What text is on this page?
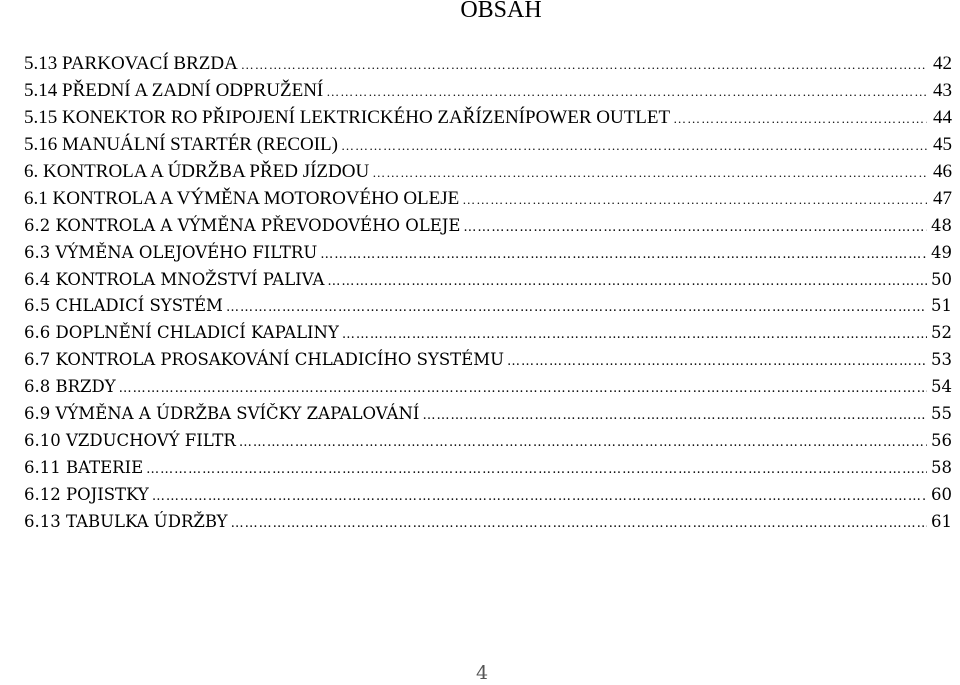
OBSAH
5.13 PARKOVACÍ BRZDA ……………………………………………………………………………………………………………………………………………………………………………………………………………………	42
5.14 PŘEDNÍ A ZADNÍ ODPRUŽENÍ ……………………………………………………………………………………………………………………………………………………………………………………………………………………	43
5.15 KONEKTOR RO PŘIPOJENÍ LEKTRICKÉHO ZAŘÍZENÍPOWER OUTLET ……………………………………………………………………………………………………………………………………………………………………………………………………………………	44
5.16 MANUÁLNÍ STARTÉR (RECOIL) ……………………………………………………………………………………………………………………………………………………………………………………………………………………	45
6. KONTROLA A ÚDRŽBA PŘED JÍZDOU ……………………………………………………………………………………………………………………………………………………………………………………………………………………	46
6.1 KONTROLA A VÝMĚNA MOTOROVÉHO OLEJE ……………………………………………………………………………………………………………………………………………………………………………………………………………………	47
6.2 KONTROLA A VÝMĚNA PŘEVODOVÉHO OLEJE ……………………………………………………………………………………………………………………………………………………………………………………………………………………	48
6.3 VÝMĚNA OLEJOVÉHO FILTRU ……………………………………………………………………………………………………………………………………………………………………………………………………………………	49
6.4 KONTROLA MNOŽSTVÍ PALIVA ……………………………………………………………………………………………………………………………………………………………………………………………………………………	50
6.5 CHLADICÍ SYSTÉM ……………………………………………………………………………………………………………………………………………………………………………………………………………………	51
6.6 DOPLNĚNÍ CHLADICÍ KAPALINY ……………………………………………………………………………………………………………………………………………………………………………………………………………………	52
6.7 KONTROLA PROSAKOVÁNÍ CHLADICÍHO SYSTÉMU ……………………………………………………………………………………………………………………………………………………………………………………………………………………	53
6.8 BRZDY ……………………………………………………………………………………………………………………………………………………………………………………………………………………	54
6.9 VÝMĚNA A ÚDRŽBA SVÍČKY ZAPALOVÁNÍ ……………………………………………………………………………………………………………………………………………………………………………………………………………………	55
6.10 VZDUCHOVÝ FILTR ……………………………………………………………………………………………………………………………………………………………………………………………………………………	56
6.11 BATERIE ……………………………………………………………………………………………………………………………………………………………………………………………………………………	58
6.12 POJISTKY ……………………………………………………………………………………………………………………………………………………………………………………………………………………	60
6.13 TABULKA ÚDRŽBY ……………………………………………………………………………………………………………………………………………………………………………………………………………………	61
4
